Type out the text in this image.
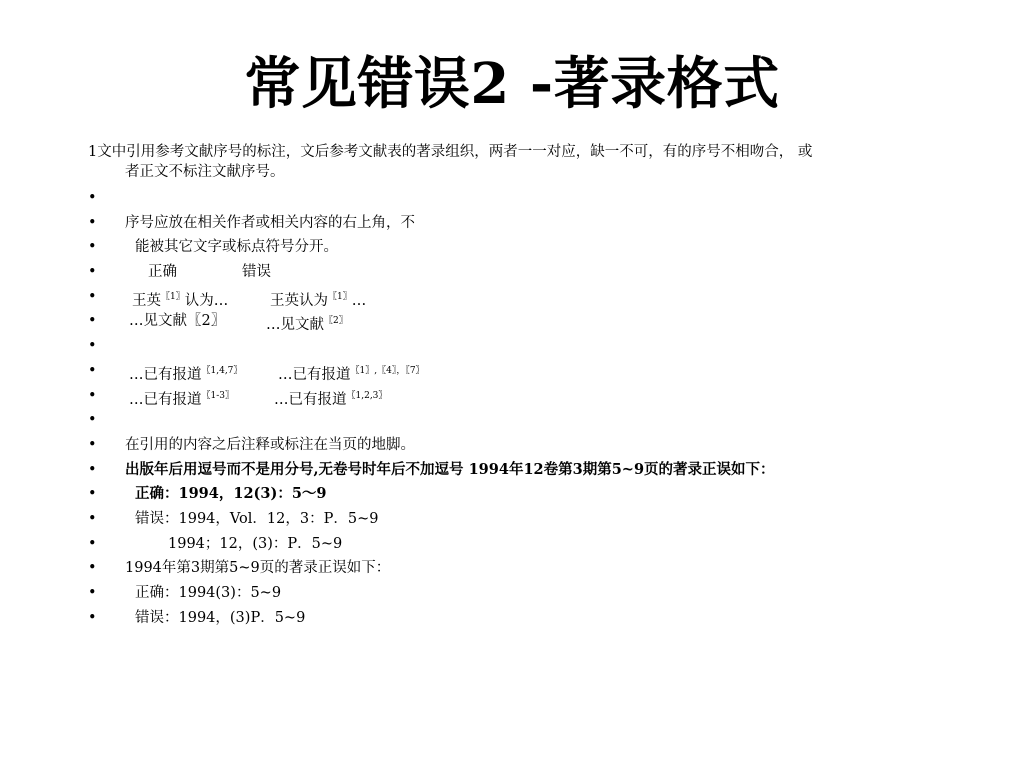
常见错误2 -著录格式
1文中引用参考文献序号的标注，文后参考文献表的著录组织，两者一一对应，缺一不可，有的序号不相吻合， 或
者正文不标注文献序号。
•
• 序号应放在相关作者或相关内容的右上角，不
•	能被其它文字或标点符号分开。
•	正确	错误
• 王英$^{〖1〗}$认为…	王英认为$^{〖1〗}$…
• …见文献〖2〗	…见文献$^{〖2〗}$
•
• …已有报道$^{〖1,4,7〗}$ …已有报道$^{〖1〗,〖4〗,〖7〗}$
• …已有报道$^{〖1-3〗}$	…已有报道$^{〖1,2,3〗}$
•
• 在引用的内容之后注释或标注在当页的地脚。
• 出版年后用逗号而不是用分号,无卷号时年后不加逗号 1994年12卷第3期第5~9页的著录正误如下：
•	正确：1994，12(3)：5～9
•	错误：1994，Vol．12，3：P．5~9
•	1994；12，(3)：P．5~9
• 1994年第3期第5~9页的著录正误如下：
•	正确：1994(3)：5~9
•	错误：1994，(3)P．5~9
